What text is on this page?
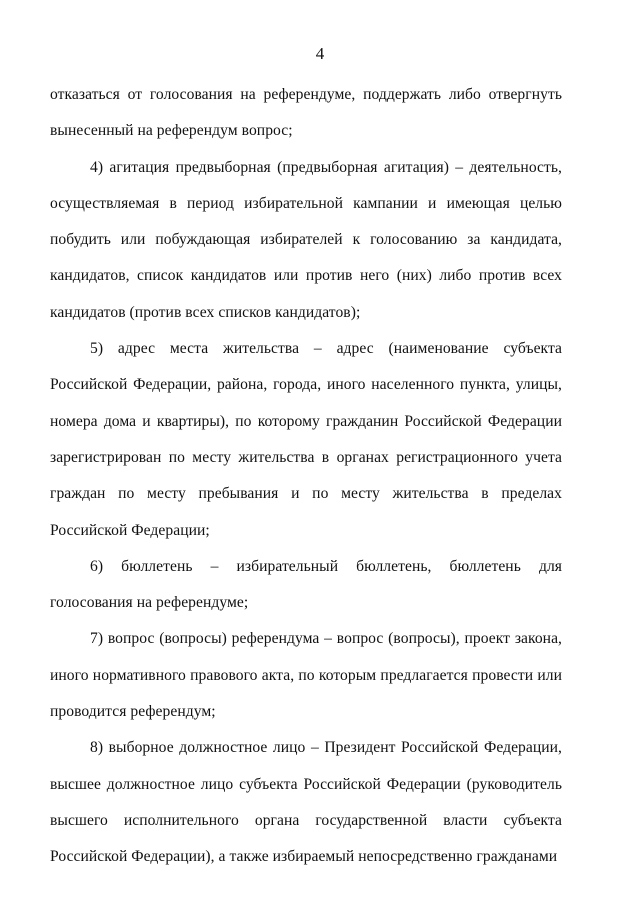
4

отказаться от голосования на референдуме, поддержать либо отвергнуть вынесенный на референдум вопрос;

4) агитация предвыборная (предвыборная агитация) – деятельность, осуществляемая в период избирательной кампании и имеющая целью побудить или побуждающая избирателей к голосованию за кандидата, кандидатов, список кандидатов или против него (них) либо против всех кандидатов (против всех списков кандидатов);

5) адрес места жительства – адрес (наименование субъекта Российской Федерации, района, города, иного населенного пункта, улицы, номера дома и квартиры), по которому гражданин Российской Федерации зарегистрирован по месту жительства в органах регистрационного учета граждан по месту пребывания и по месту жительства в пределах Российской Федерации;

6) бюллетень – избирательный бюллетень, бюллетень для голосования на референдуме;

7) вопрос (вопросы) референдума – вопрос (вопросы), проект закона, иного нормативного правового акта, по которым предлагается провести или проводится референдум;

8) выборное должностное лицо – Президент Российской Федерации, высшее должностное лицо субъекта Российской Федерации (руководитель высшего исполнительного органа государственной власти субъекта Российской Федерации), а также избираемый непосредственно гражданами
